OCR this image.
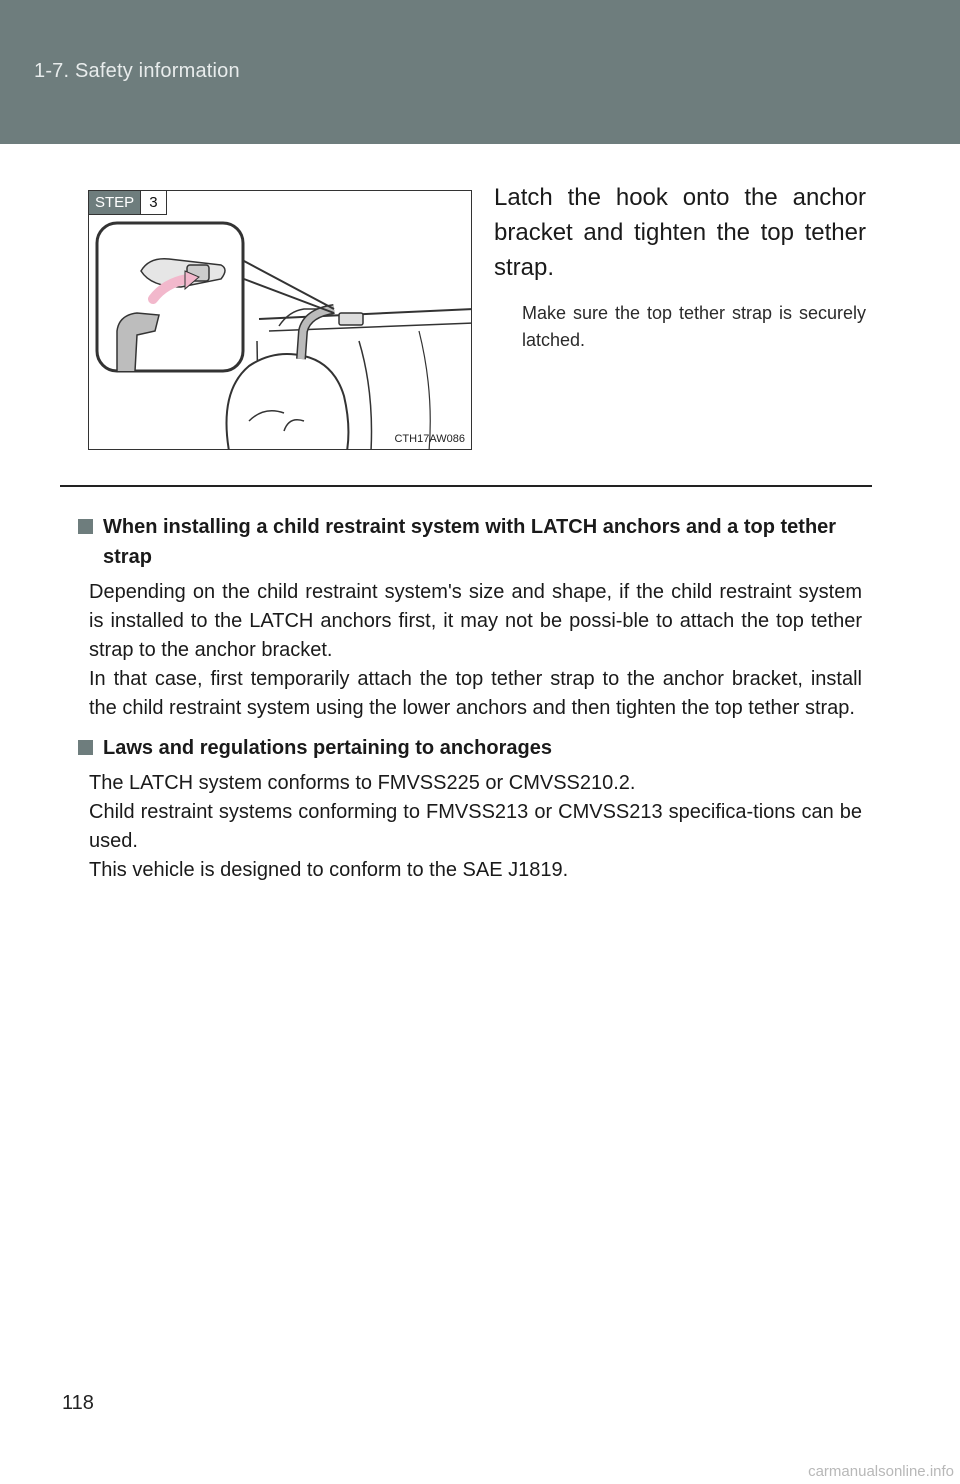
1-7. Safety information
STEP	3
CTH17AW086
Latch the hook onto the anchor bracket and tighten the top tether strap.
Make sure the top tether strap is securely latched.

When installing a child restraint system with LATCH anchors and a top tether strap

Depending on the child restraint system's size and shape, if the child restraint system is installed to the LATCH anchors first, it may not be possi-ble to attach the top tether strap to the anchor bracket.

In that case, first temporarily attach the top tether strap to the anchor bracket, install the child restraint system using the lower anchors and then tighten the top tether strap.

Laws and regulations pertaining to anchorages

The LATCH system conforms to FMVSS225 or CMVSS210.2.

Child restraint systems conforming to FMVSS213 or CMVSS213 specifica-tions can be used.

This vehicle is designed to conform to the SAE J1819.

118
carmanualsonline.info
